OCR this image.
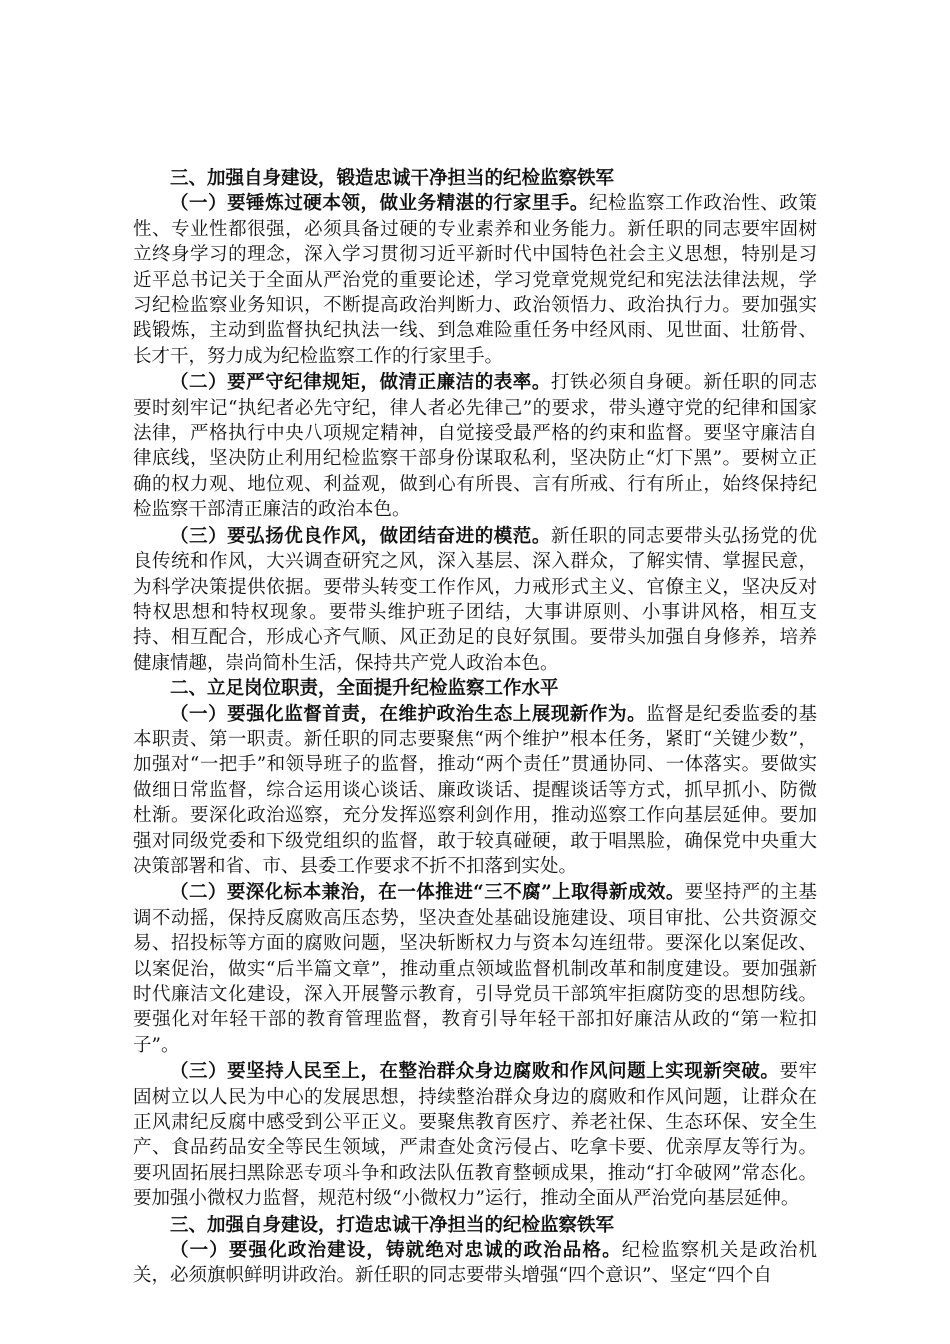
三、加强自身建设，锻造忠诚干净担当的纪检监察铁军

（一）要锤炼过硬本领，做业务精湛的行家里手。纪检监察工作政治性、政策性、专业性都很强，必须具备过硬的专业素养和业务能力。新任职的同志要牢固树立终身学习的理念，深入学习贯彻习近平新时代中国特色社会主义思想，特别是习近平总书记关于全面从严治党的重要论述，学习党章党规党纪和宪法法律法规，学习纪检监察业务知识，不断提高政治判断力、政治领悟力、政治执行力。要加强实践锻炼，主动到监督执纪执法一线、到急难险重任务中经风雨、见世面、壮筋骨、长才干，努力成为纪检监察工作的行家里手。

（二）要严守纪律规矩，做清正廉洁的表率。打铁必须自身硬。新任职的同志要时刻牢记“执纪者必先守纪，律人者必先律己”的要求，带头遵守党的纪律和国家法律，严格执行中央八项规定精神，自觉接受最严格的约束和监督。要坚守廉洁自律底线，坚决防止利用纪检监察干部身份谋取私利，坚决防止“灯下黑”。要树立正确的权力观、地位观、利益观，做到心有所畏、言有所戒、行有所止，始终保持纪检监察干部清正廉洁的政治本色。

（三）要弘扬优良作风，做团结奋进的模范。新任职的同志要带头弘扬党的优良传统和作风，大兴调查研究之风，深入基层、深入群众，了解实情、掌握民意，为科学决策提供依据。要带头转变工作作风，力戒形式主义、官僚主义，坚决反对特权思想和特权现象。要带头维护班子团结，大事讲原则、小事讲风格，相互支持、相互配合，形成心齐气顺、风正劲足的良好氛围。要带头加强自身修养，培养健康情趣，崇尚简朴生活，保持共产党人政治本色。

二、立足岗位职责，全面提升纪检监察工作水平

（一）要强化监督首责，在维护政治生态上展现新作为。监督是纪委监委的基本职责、第一职责。新任职的同志要聚焦“两个维护”根本任务，紧盯“关键少数”，加强对“一把手”和领导班子的监督，推动“两个责任”贯通协同、一体落实。要做实做细日常监督，综合运用谈心谈话、廉政谈话、提醒谈话等方式，抓早抓小、防微杜渐。要深化政治巡察，充分发挥巡察利剑作用，推动巡察工作向基层延伸。要加强对同级党委和下级党组织的监督，敢于较真碰硬，敢于唱黑脸，确保党中央重大决策部署和省、市、县委工作要求不折不扣落到实处。

（二）要深化标本兼治，在一体推进“三不腐”上取得新成效。要坚持严的主基调不动摇，保持反腐败高压态势，坚决查处基础设施建设、项目审批、公共资源交易、招投标等方面的腐败问题，坚决斩断权力与资本勾连纽带。要深化以案促改、以案促治，做实“后半篇文章”，推动重点领域监督机制改革和制度建设。要加强新时代廉洁文化建设，深入开展警示教育，引导党员干部筑牢拒腐防变的思想防线。要强化对年轻干部的教育管理监督，教育引导年轻干部扣好廉洁从政的“第一粒扣子”。

（三）要坚持人民至上，在整治群众身边腐败和作风问题上实现新突破。要牢固树立以人民为中心的发展思想，持续整治群众身边的腐败和作风问题，让群众在正风肃纪反腐中感受到公平正义。要聚焦教育医疗、养老社保、生态环保、安全生产、食品药品安全等民生领域，严肃查处贪污侵占、吃拿卡要、优亲厚友等行为。要巩固拓展扫黑除恶专项斗争和政法队伍教育整顿成果，推动“打伞破网”常态化。要加强小微权力监督，规范村级“小微权力”运行，推动全面从严治党向基层延伸。

三、加强自身建设，打造忠诚干净担当的纪检监察铁军

（一）要强化政治建设，铸就绝对忠诚的政治品格。纪检监察机关是政治机关，必须旗帜鲜明讲政治。新任职的同志要带头增强“四个意识”、坚定“四个自
